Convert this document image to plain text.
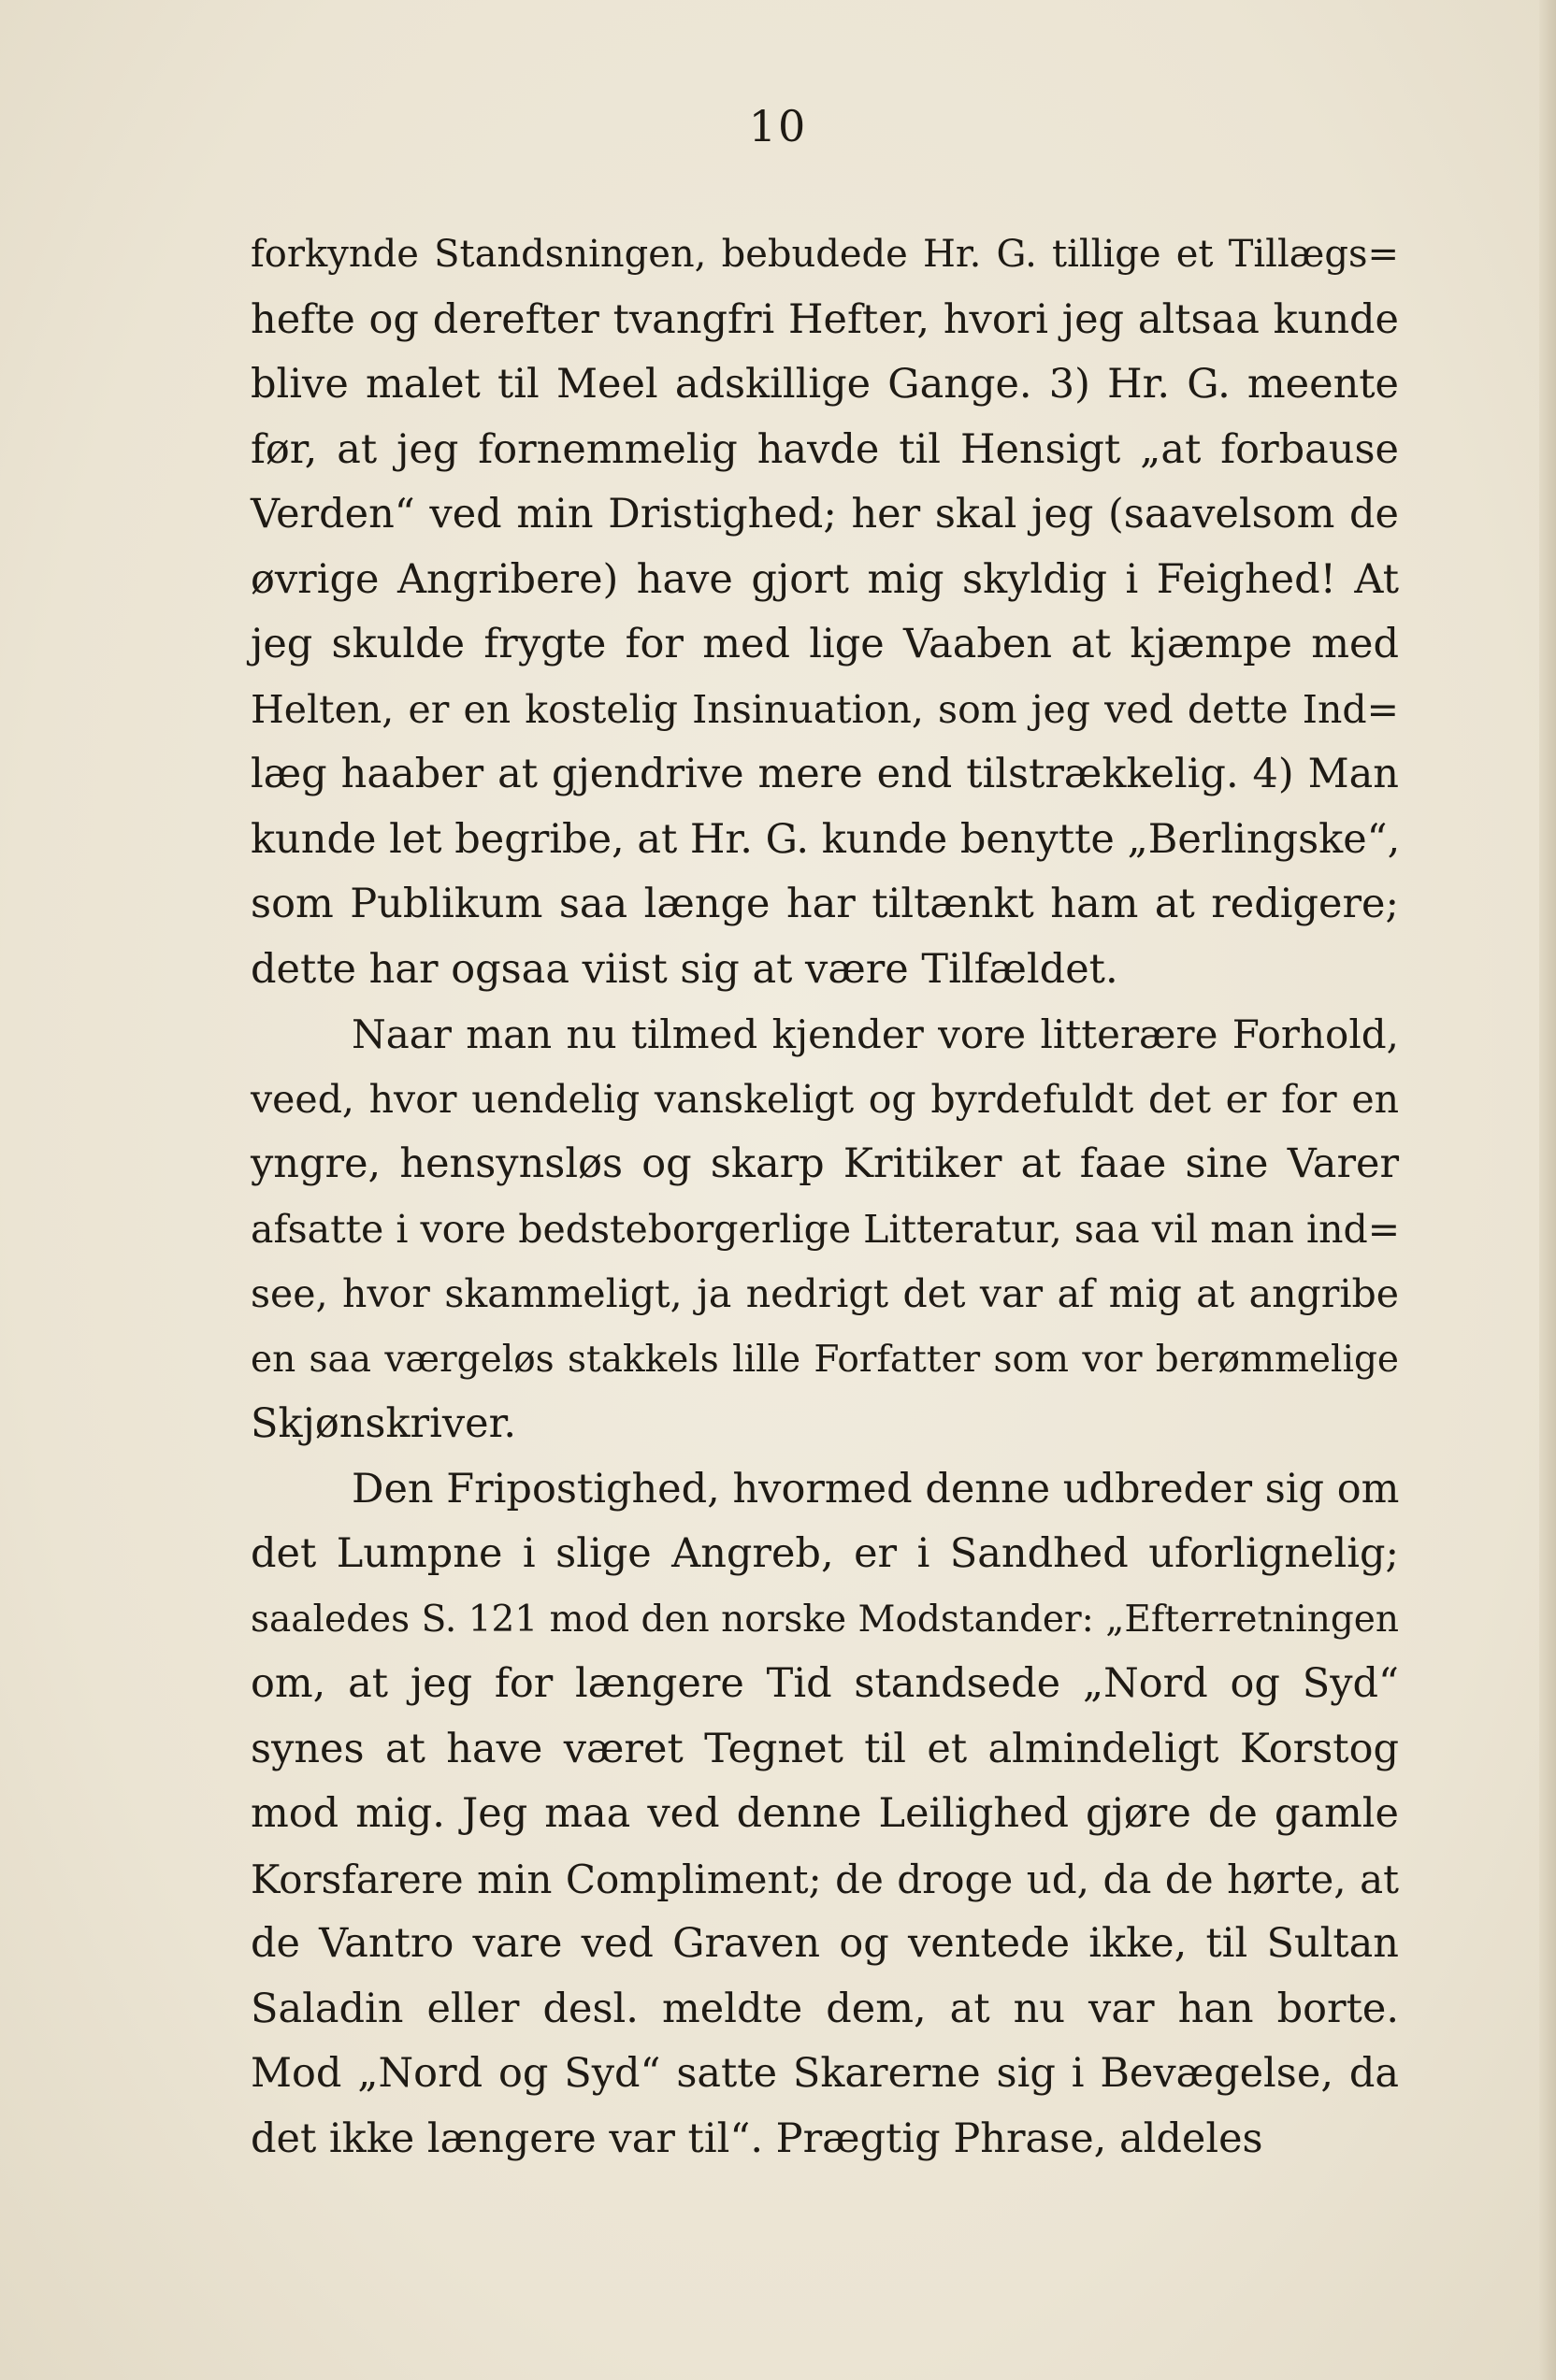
10
forkynde Standsningen, bebudede Hr. G. tillige et Tillægs=
hefte og derefter tvangfri Hefter, hvori jeg altsaa kunde
blive malet til Meel adskillige Gange. 3) Hr. G. meente
før, at jeg fornemmelig havde til Hensigt „at forbause
Verden“ ved min Dristighed; her skal jeg (saavelsom de
øvrige Angribere) have gjort mig skyldig i Feighed! At
jeg skulde frygte for med lige Vaaben at kjæmpe med
Helten, er en kostelig Insinuation, som jeg ved dette Ind=
læg haaber at gjendrive mere end tilstrækkelig. 4) Man
kunde let begribe, at Hr. G. kunde benytte „Berlingske“,
som Publikum saa længe har tiltænkt ham at redigere;
dette har ogsaa viist sig at være Tilfældet.
Naar man nu tilmed kjender vore litterære Forhold,
veed, hvor uendelig vanskeligt og byrdefuldt det er for en
yngre, hensynsløs og skarp Kritiker at faae sine Varer
afsatte i vore bedsteborgerlige Litteratur, saa vil man ind=
see, hvor skammeligt, ja nedrigt det var af mig at angribe
en saa værgeløs stakkels lille Forfatter som vor berømmelige
Skjønskriver.
Den Fripostighed, hvormed denne udbreder sig om
det Lumpne i slige Angreb, er i Sandhed uforlignelig;
saaledes S. 121 mod den norske Modstander: „Efterretningen
om, at jeg for længere Tid standsede „Nord og Syd“
synes at have været Tegnet til et almindeligt Korstog
mod mig. Jeg maa ved denne Leilighed gjøre de gamle
Korsfarere min Compliment; de droge ud, da de hørte, at
de Vantro vare ved Graven og ventede ikke, til Sultan
Saladin eller desl. meldte dem, at nu var han borte.
Mod „Nord og Syd“ satte Skarerne sig i Bevægelse, da
det ikke længere var til“. Prægtig Phrase, aldeles
